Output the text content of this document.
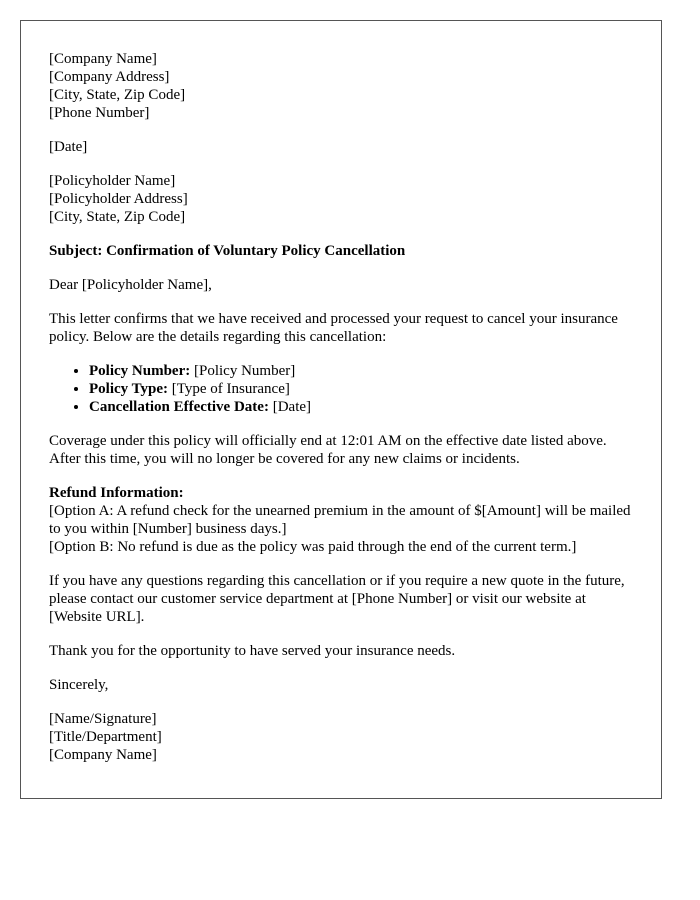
[Company Name]
[Company Address]
[City, State, Zip Code]
[Phone Number]
[Date]
[Policyholder Name]
[Policyholder Address]
[City, State, Zip Code]

Subject: Confirmation of Voluntary Policy Cancellation

Dear [Policyholder Name],

This letter confirms that we have received and processed your request to cancel your insurance policy. Below are the details regarding this cancellation:

• Policy Number: [Policy Number]
• Policy Type: [Type of Insurance]
• Cancellation Effective Date: [Date]

Coverage under this policy will officially end at 12:01 AM on the effective date listed above. After this time, you will no longer be covered for any new claims or incidents.

Refund Information:
[Option A: A refund check for the unearned premium in the amount of $[Amount] will be mailed to you within [Number] business days.]
[Option B: No refund is due as the policy was paid through the end of the current term.]

If you have any questions regarding this cancellation or if you require a new quote in the future, please contact our customer service department at [Phone Number] or visit our website at [Website URL].

Thank you for the opportunity to have served your insurance needs.

Sincerely,

[Name/Signature]
[Title/Department]
[Company Name]
